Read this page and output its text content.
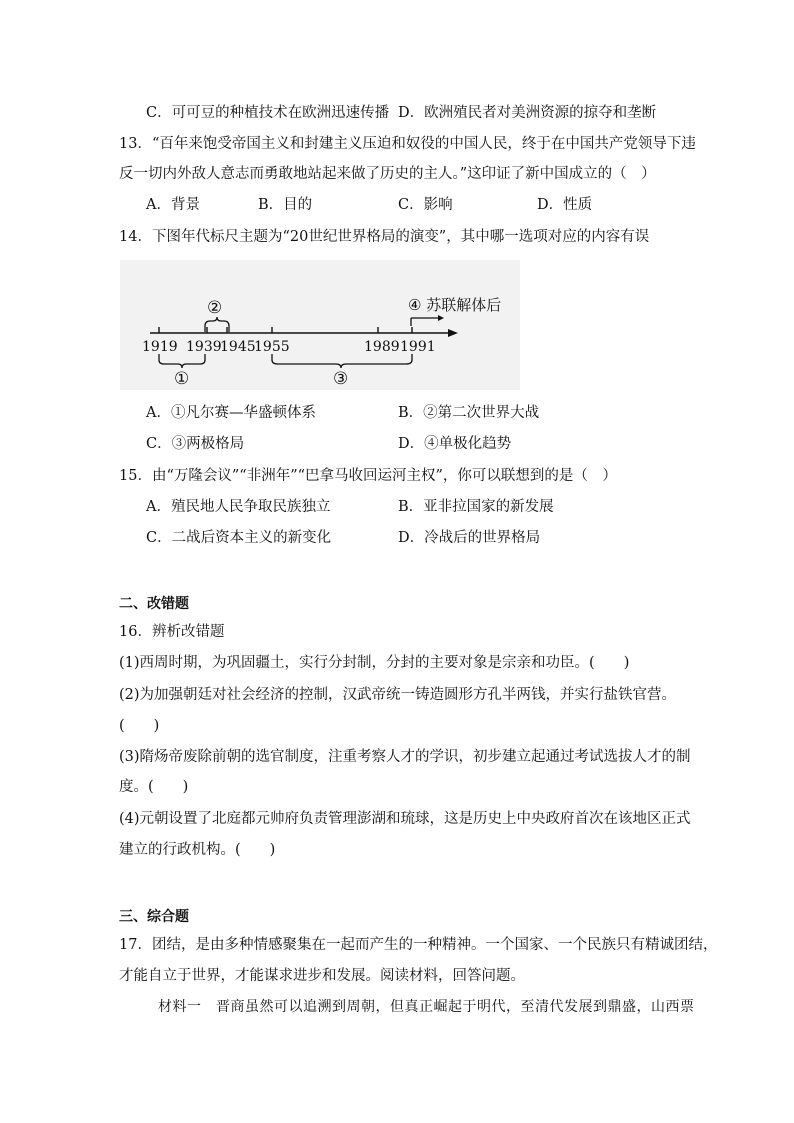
C．可可豆的种植技术在欧洲迅速传播 D．欧洲殖民者对美洲资源的掠夺和垄断
13．“百年来饱受帝国主义和封建主义压迫和奴役的中国人民，终于在中国共产党领导下违
反一切内外敌人意志而勇敢地站起来做了历史的主人。”这印证了新中国成立的（　）
A．背景	B．目的	C．影响	D．性质
14．下图年代标尺主题为“20世纪世界格局的演变”，其中哪一选项对应的内容有误
1919 1939
1945
1955	1989 1991
②	④ 苏联解体后
①	③
A．①凡尔赛—华盛顿体系	B．②第二次世界大战
C．③两极格局	D．④单极化趋势
15．由“万隆会议”“非洲年”“巴拿马收回运河主权”，你可以联想到的是（　）
A．殖民地人民争取民族独立	B．亚非拉国家的新发展
C．二战后资本主义的新变化	D．冷战后的世界格局
二、改错题
16．辨析改错题
(1)西周时期，为巩固疆土，实行分封制，分封的主要对象是宗亲和功臣。(　　)
(2)为加强朝廷对社会经济的控制，汉武帝统一铸造圆形方孔半两钱，并实行盐铁官营。
(　　)
(3)隋炀帝废除前朝的选官制度，注重考察人才的学识，初步建立起通过考试选拔人才的制
度。(　　)
(4)元朝设置了北庭都元帅府负责管理澎湖和琉球，这是历史上中央政府首次在该地区正式
建立的行政机构。(　　)
三、综合题
17．团结，是由多种情感聚集在一起而产生的一种精神。一个国家、一个民族只有精诚团结，
才能自立于世界，才能谋求进步和发展。阅读材料，回答问题。
材料一　晋商虽然可以追溯到周朝，但真正崛起于明代，至清代发展到鼎盛，山西票
